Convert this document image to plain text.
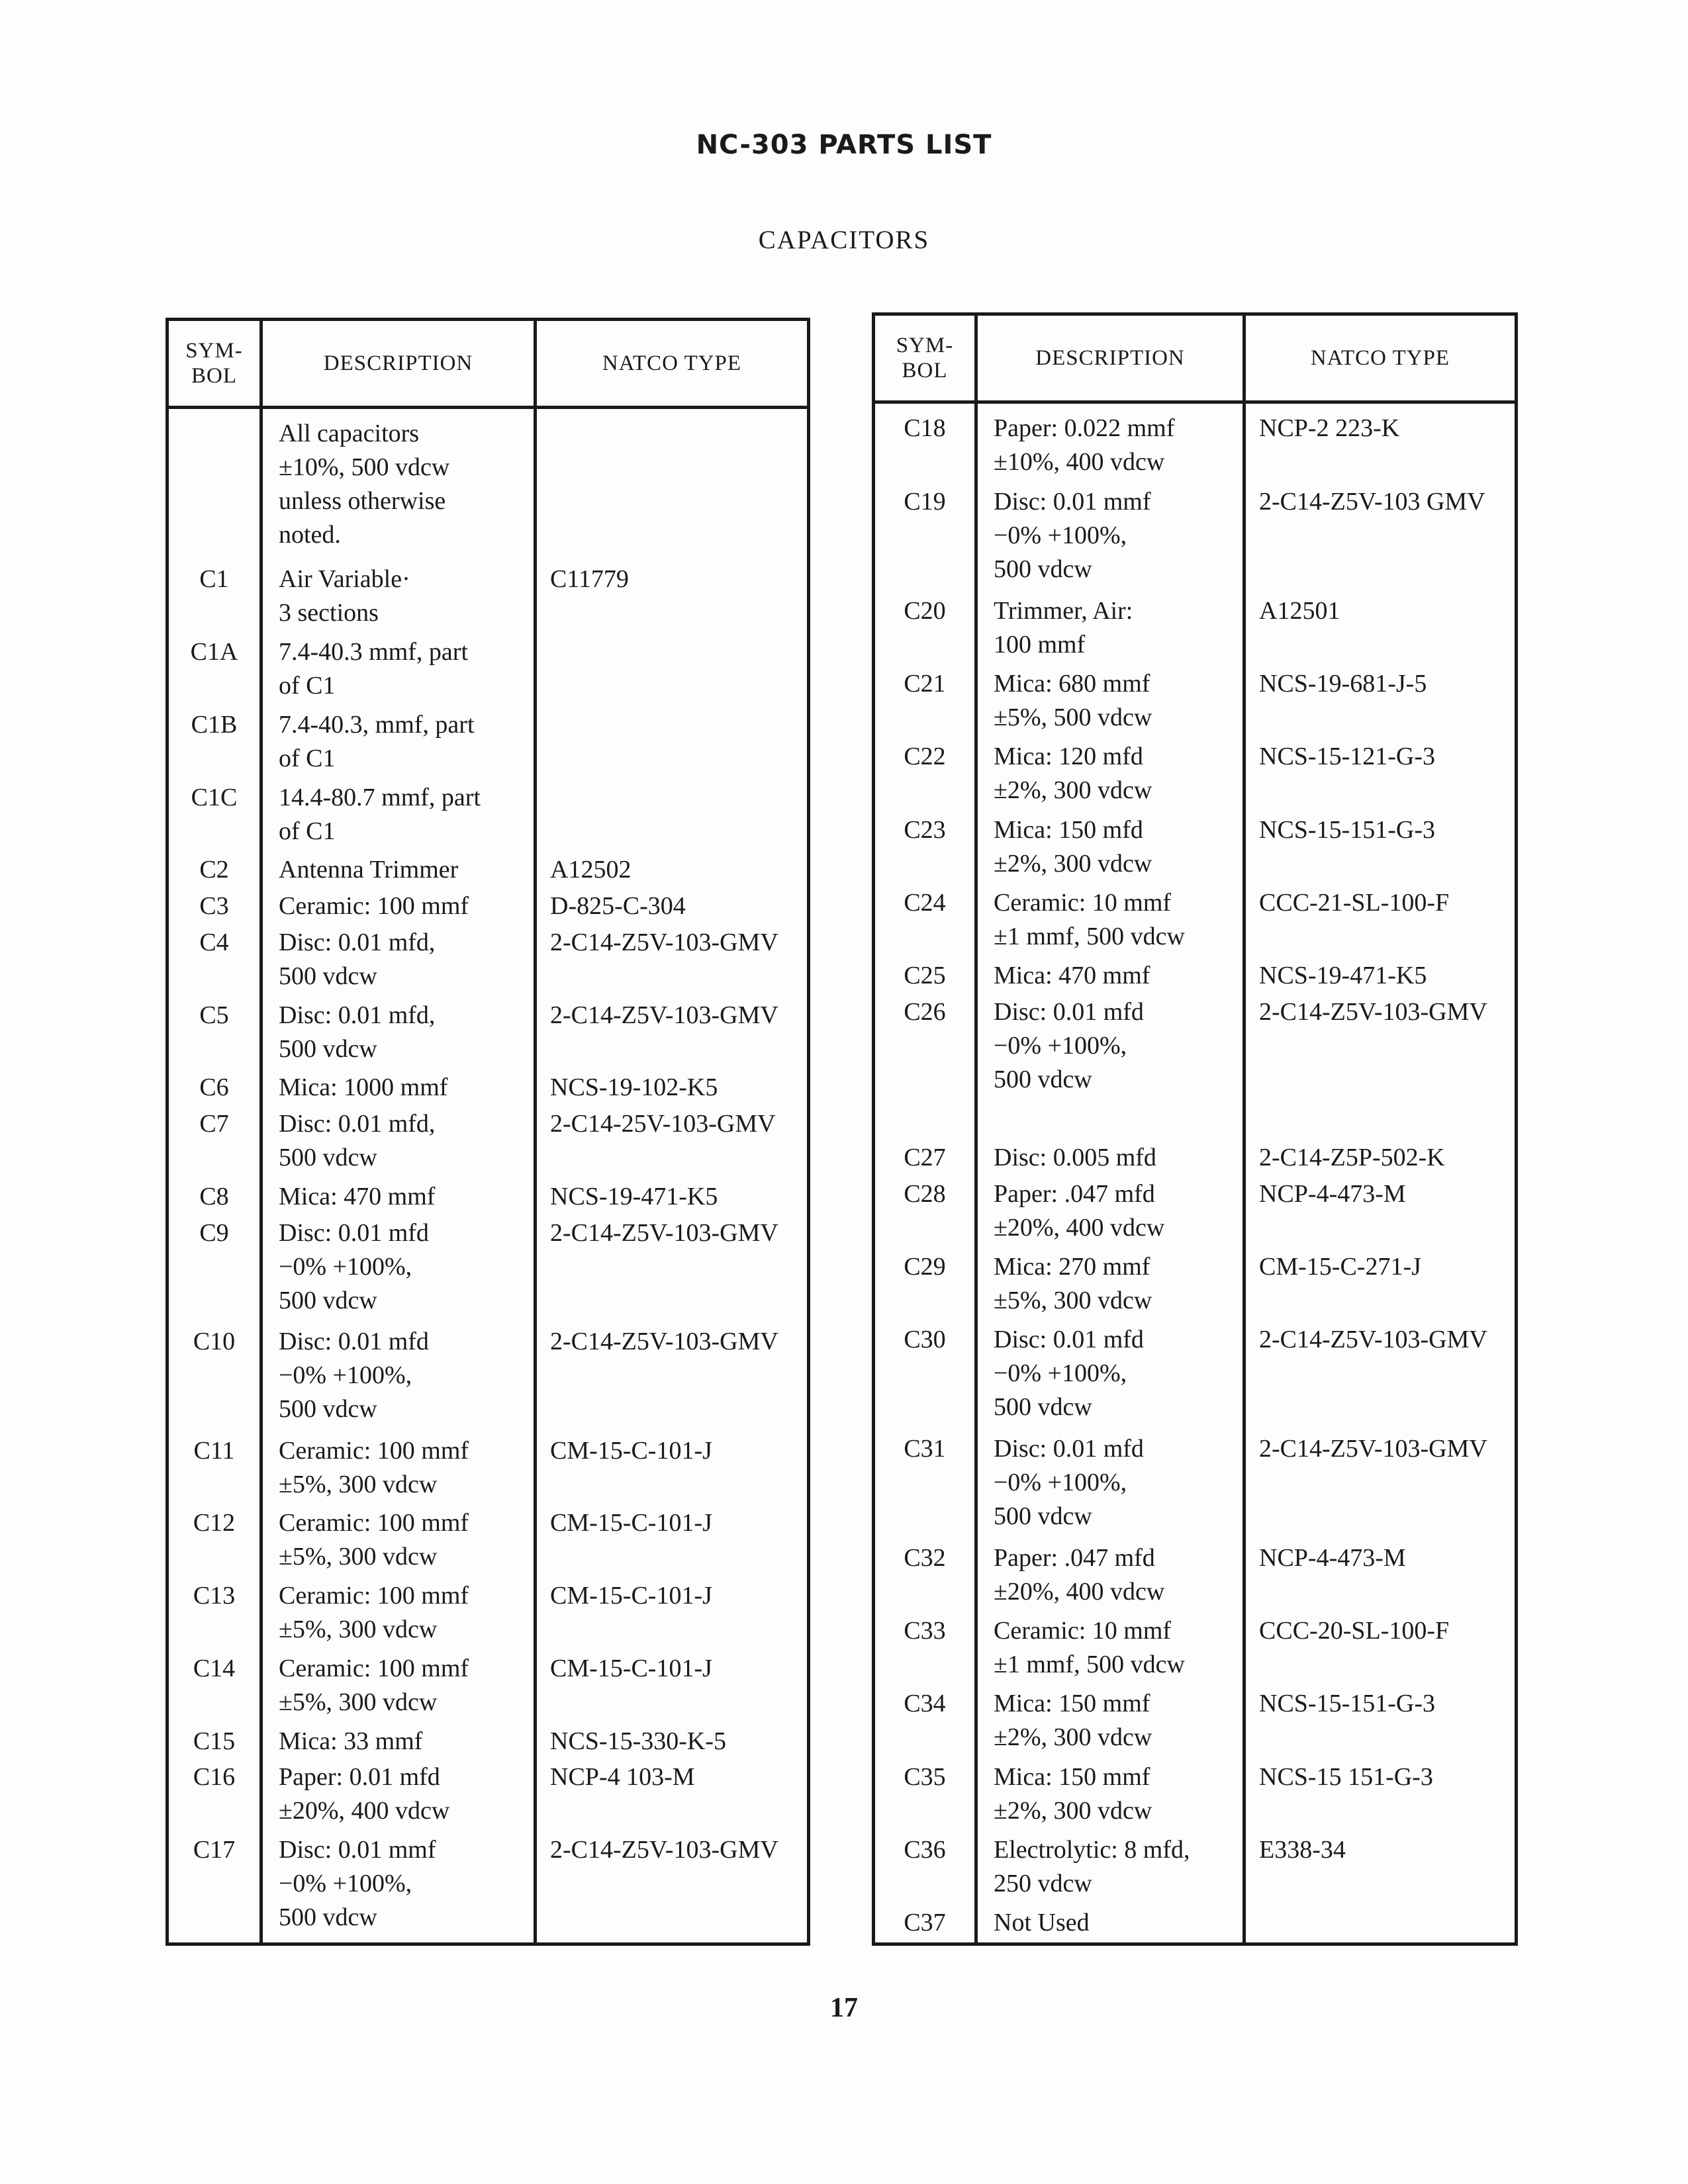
NC-303 PARTS LIST
CAPACITORS
SYM-
BOL	DESCRIPTION	NATCO TYPE
	All capacitors
±10%, 500 vdcw
unless otherwise
noted.	
C1	Air Variable·
3 sections	C11779
C1A	7.4-40.3 mmf, part
of C1	
C1B	7.4-40.3, mmf, part
of C1	
C1C	14.4-80.7 mmf, part
of C1	
C2	Antenna Trimmer	A12502
C3	Ceramic: 100 mmf	D-825-C-304
C4	Disc: 0.01 mfd,
500 vdcw	2-C14-Z5V-103-GMV
C5	Disc: 0.01 mfd,
500 vdcw	2-C14-Z5V-103-GMV
C6	Mica: 1000 mmf	NCS-19-102-K5
C7	Disc: 0.01 mfd,
500 vdcw	2-C14-25V-103-GMV
C8	Mica: 470 mmf	NCS-19-471-K5
C9	Disc: 0.01 mfd
−0% +100%,
500 vdcw	2-C14-Z5V-103-GMV
C10	Disc: 0.01 mfd
−0% +100%,
500 vdcw	2-C14-Z5V-103-GMV
C11	Ceramic: 100 mmf
±5%, 300 vdcw	CM-15-C-101-J
C12	Ceramic: 100 mmf
±5%, 300 vdcw	CM-15-C-101-J
C13	Ceramic: 100 mmf
±5%, 300 vdcw	CM-15-C-101-J
C14	Ceramic: 100 mmf
±5%, 300 vdcw	CM-15-C-101-J
C15	Mica: 33 mmf	NCS-15-330-K-5
C16	Paper: 0.01 mfd
±20%, 400 vdcw	NCP-4 103-M
C17	Disc: 0.01 mmf
−0% +100%,
500 vdcw	2-C14-Z5V-103-GMV

SYM-
BOL	DESCRIPTION	NATCO TYPE
C18	Paper: 0.022 mmf
±10%, 400 vdcw	NCP-2 223-K
C19	Disc: 0.01 mmf
−0% +100%,
500 vdcw	2-C14-Z5V-103 GMV
C20	Trimmer, Air:
100 mmf	A12501
C21	Mica: 680 mmf
±5%, 500 vdcw	NCS-19-681-J-5
C22	Mica: 120 mfd
±2%, 300 vdcw	NCS-15-121-G-3
C23	Mica: 150 mfd
±2%, 300 vdcw	NCS-15-151-G-3
C24	Ceramic: 10 mmf
±1 mmf, 500 vdcw	CCC-21-SL-100-F
C25	Mica: 470 mmf	NCS-19-471-K5
C26	Disc: 0.01 mfd
−0% +100%,
500 vdcw	2-C14-Z5V-103-GMV
C27	Disc: 0.005 mfd	2-C14-Z5P-502-K
C28	Paper: .047 mfd
±20%, 400 vdcw	NCP-4-473-M
C29	Mica: 270 mmf
±5%, 300 vdcw	CM-15-C-271-J
C30	Disc: 0.01 mfd
−0% +100%,
500 vdcw	2-C14-Z5V-103-GMV
C31	Disc: 0.01 mfd
−0% +100%,
500 vdcw	2-C14-Z5V-103-GMV
C32	Paper: .047 mfd
±20%, 400 vdcw	NCP-4-473-M
C33	Ceramic: 10 mmf
±1 mmf, 500 vdcw	CCC-20-SL-100-F
C34	Mica: 150 mmf
±2%, 300 vdcw	NCS-15-151-G-3
C35	Mica: 150 mmf
±2%, 300 vdcw	NCS-15 151-G-3
C36	Electrolytic: 8 mfd,
250 vdcw	E338-34
C37	Not Used	

17
